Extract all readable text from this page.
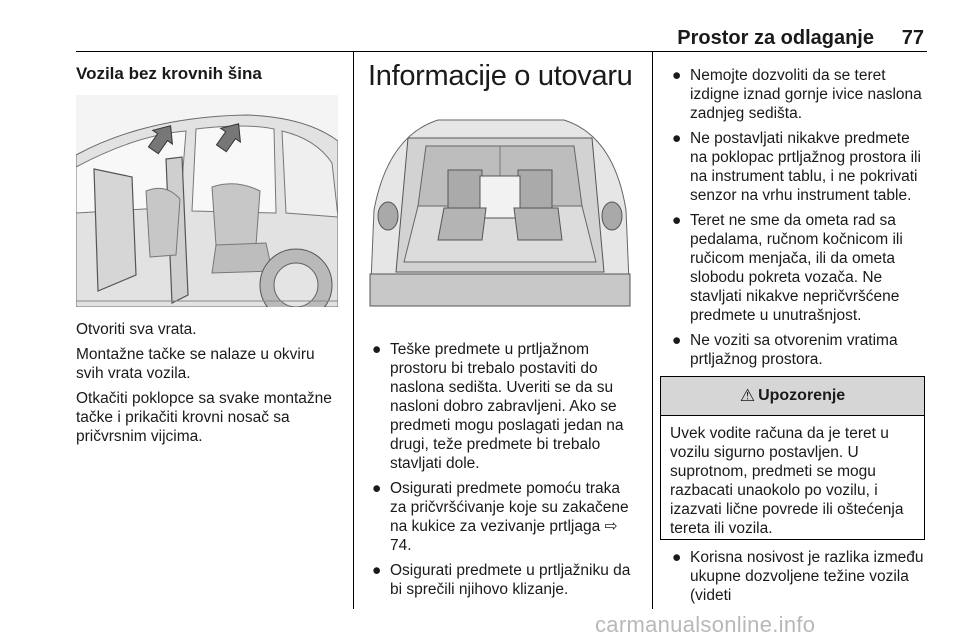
Prostor za odlaganje 77
Vozila bez krovnih šina

Otvoriti sva vrata.

Montažne tačke se nalaze u okviru svih vrata vozila.

Otkačiti poklopce sa svake montažne tačke i prikačiti krovni nosač sa pričvrsnim vijcima.

Informacije o utovaru
● Teške predmete u prtljažnom prostoru bi trebalo postaviti do naslona sedišta. Uveriti se da su nasloni dobro zabravljeni. Ako se predmeti mogu poslagati jedan na drugi, teže predmete bi trebalo stavljati dole.
● Osigurati predmete pomoću traka za pričvršćivanje koje su zakačene na kukice za vezivanje prtljaga ⇨ 74.
● Osigurati predmete u prtljažniku da bi sprečili njihovo klizanje.
● Nemojte dozvoliti da se teret izdigne iznad gornje ivice naslona zadnjeg sedišta.
● Ne postavljati nikakve predmete na poklopac prtljažnog prostora ili na instrument tablu, i ne pokrivati senzor na vrhu instrument table.
● Teret ne sme da ometa rad sa pedalama, ručnom kočnicom ili ručicom menjača, ili da ometa slobodu pokreta vozača. Ne stavljati nikakve nepričvršćene predmete u unutrašnjost.
● Ne voziti sa otvorenim vratima prtljažnog prostora.
⚠ Upozorenje
Uvek vodite računa da je teret u vozilu sigurno postavljen. U suprotnom, predmeti se mogu razbacati unaokolo po vozilu, i izazvati lične povrede ili oštećenja tereta ili vozila.
● Korisna nosivost je razlika između ukupne dozvoljene težine vozila (videti
carmanualsonline.info
